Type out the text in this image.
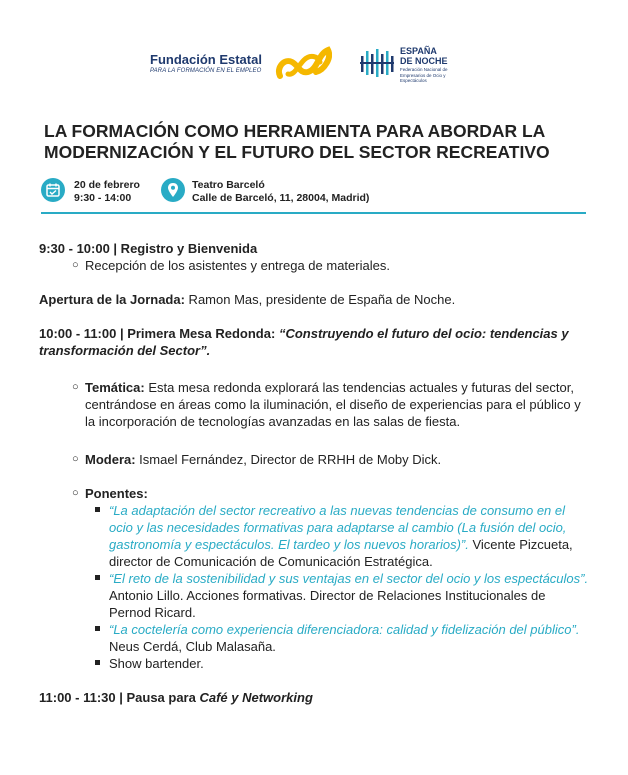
Fundación Estatal
PARA LA FORMACIÓN EN EL EMPLEO
ESPAÑA
DE NOCHE
Federación Nacional de Empresarios de Ocio y Espectáculos
LA FORMACIÓN COMO HERRAMIENTA PARA ABORDAR LA
MODERNIZACIÓN Y EL FUTURO DEL SECTOR RECREATIVO
20 de febrero
9:30 - 14:00
Teatro Barceló
Calle de Barceló, 11, 28004, Madrid)

9:30 - 10:00 | Registro y Bienvenida

○ Recepción de los asistentes y entrega de materiales.

Apertura de la Jornada: Ramon Mas, presidente de España de Noche.

10:00 - 11:00 | Primera Mesa Redonda: “Construyendo el futuro del ocio: tendencias y transformación del Sector”.

○ Temática: Esta mesa redonda explorará las tendencias actuales y futuras del sector, centrándose en áreas como la iluminación, el diseño de experiencias para el público y la incorporación de tecnologías avanzadas en las salas de fiesta.

○ Modera: Ismael Fernández, Director de RRHH de Moby Dick.

○ Ponentes:

“La adaptación del sector recreativo a las nuevas tendencias de consumo en el ocio y las necesidades formativas para adaptarse al cambio (La fusión del ocio, gastronomía y espectáculos. El tardeo y los nuevos horarios)”. Vicente Pizcueta, director de Comunicación de Comunicación Estratégica.

“El reto de la sostenibilidad y sus ventajas en el sector del ocio y los espectáculos”. Antonio Lillo. Acciones formativas. Director de Relaciones Institucionales de Pernod Ricard.

“La coctelería como experiencia diferenciadora: calidad y fidelización del público”. Neus Cerdá, Club Malasaña.

Show bartender.

11:00 - 11:30 | Pausa para Café y Networking
